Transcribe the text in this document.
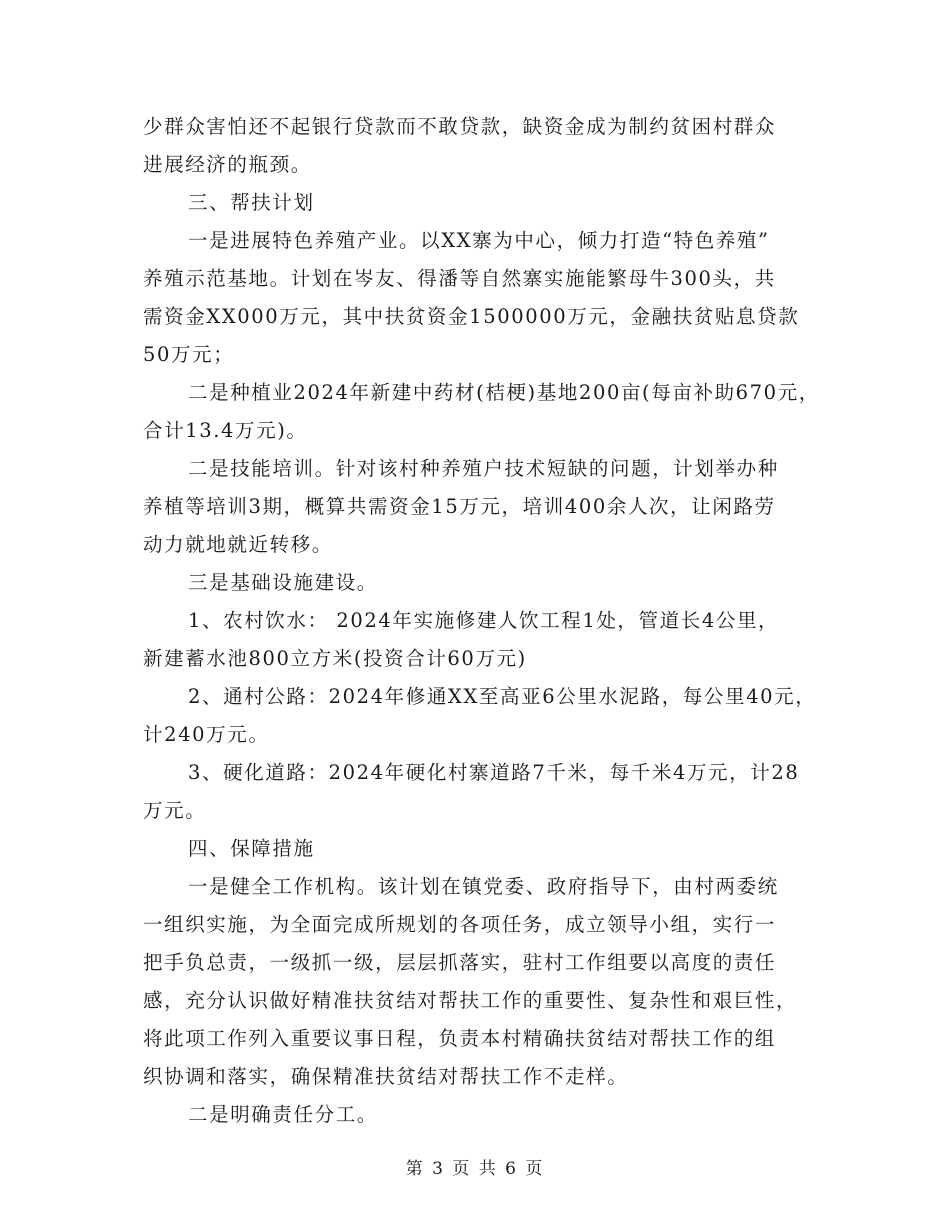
少群众害怕还不起银行贷款而不敢贷款，缺资金成为制约贫困村群众
进展经济的瓶颈。
三、帮扶计划
一是进展特色养殖产业。以XX寨为中心，倾力打造“特色养殖”
养殖示范基地。计划在岑友、得潘等自然寨实施能繁母牛300头，共
需资金XX000万元，其中扶贫资金1500000万元，金融扶贫贴息贷款
50万元；
二是种植业2024年新建中药材(桔梗)基地200亩(每亩补助670元，
合计13.4万元)。
二是技能培训。针对该村种养殖户技术短缺的问题，计划举办种
养植等培训3期，概算共需资金15万元，培训400余人次，让闲路劳
动力就地就近转移。
三是基础设施建设。
1、农村饮水： 2024年实施修建人饮工程1处，管道长4公里，
新建蓄水池800立方米(投资合计60万元)
2、通村公路：2024年修通XX至高亚6公里水泥路，每公里40元，
计240万元。
3、硬化道路：2024年硬化村寨道路7千米，每千米4万元，计28
万元。
四、保障措施
一是健全工作机构。该计划在镇党委、政府指导下，由村两委统
一组织实施，为全面完成所规划的各项任务，成立领导小组，实行一
把手负总责，一级抓一级，层层抓落实，驻村工作组要以高度的责任
感，充分认识做好精准扶贫结对帮扶工作的重要性、复杂性和艰巨性，
将此项工作列入重要议事日程，负责本村精确扶贫结对帮扶工作的组
织协调和落实，确保精准扶贫结对帮扶工作不走样。
二是明确责任分工。
第 3 页 共 6 页
